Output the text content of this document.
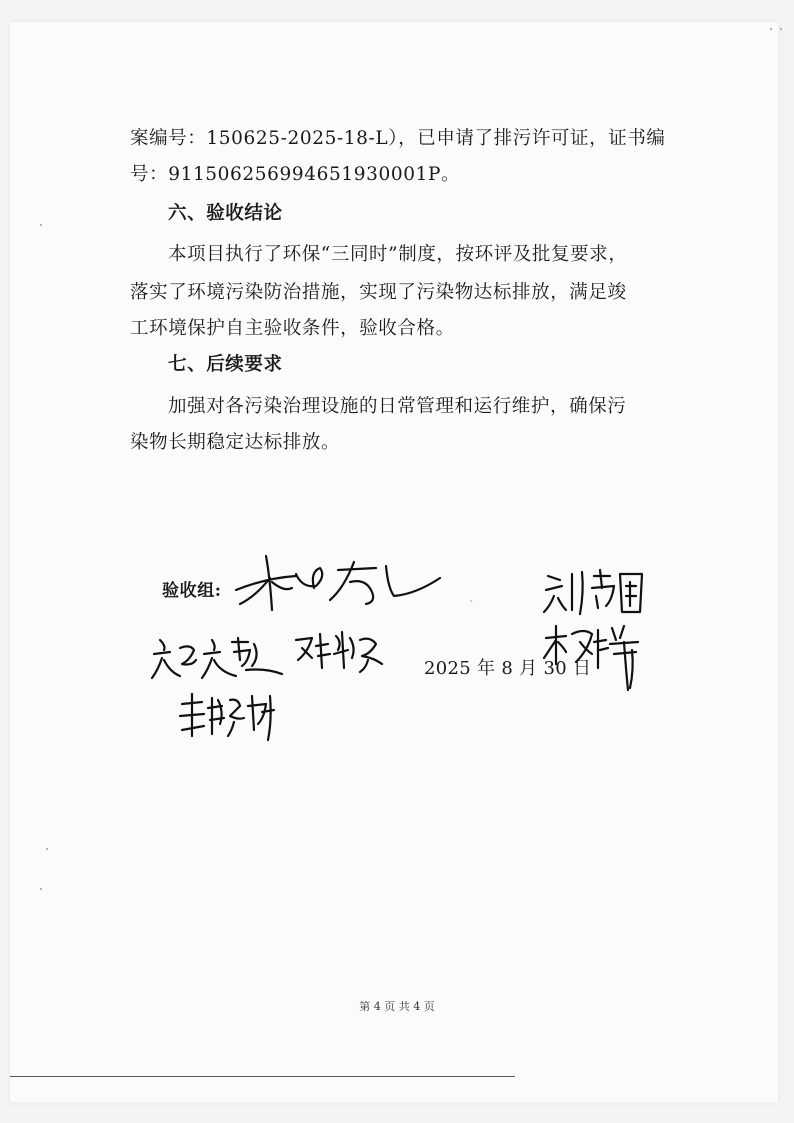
案编号：150625-2025-18-L），已申请了排污许可证，证书编
号：911506256994651930001P。
六、验收结论
本项目执行了环保“三同时”制度，按环评及批复要求，
落实了环境污染防治措施，实现了污染物达标排放，满足竣
工环境保护自主验收条件，验收合格。
七、后续要求
加强对各污染治理设施的日常管理和运行维护，确保污
染物长期稳定达标排放。
验收组:
2025 年 8 月 30 日
第 4 页 共 4 页
